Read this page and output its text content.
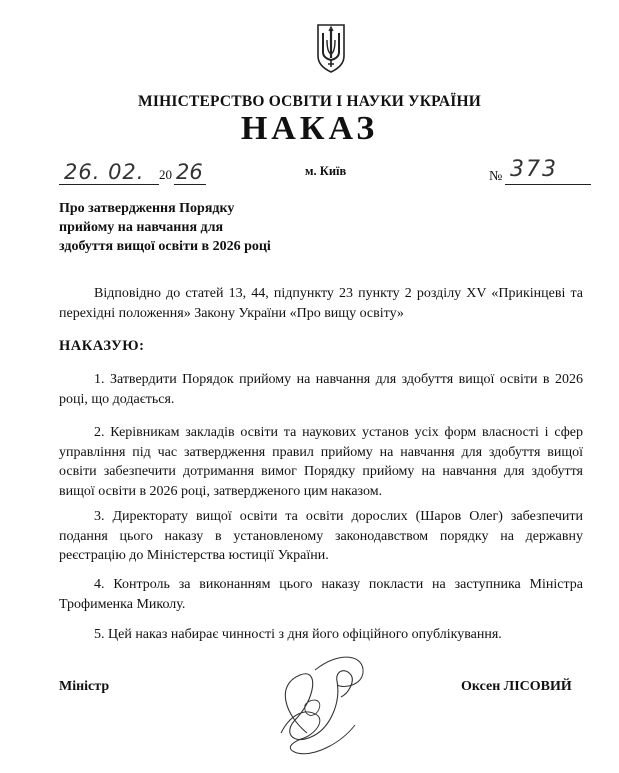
МІНІСТЕРСТВО ОСВІТИ І НАУКИ УКРАЇНИ
НАКАЗ
26. 02. 20 26	м. Київ	№ 373
Про затвердження Порядку
прийому на навчання для
здобуття вищої освіти в 2026 році
Відповідно до статей 13, 44, підпункту 23 пункту 2 розділу XV «Прикінцеві та перехідні положення» Закону України «Про вищу освіту»
НАКАЗУЮ:
1. Затвердити Порядок прийому на навчання для здобуття вищої освіти в 2026 році, що додається.
2. Керівникам закладів освіти та наукових установ усіх форм власності і сфер управління під час затвердження правил прийому на навчання для здобуття вищої освіти забезпечити дотримання вимог Порядку прийому на навчання для здобуття вищої освіти в 2026 році, затвердженого цим наказом.
3. Директорату вищої освіти та освіти дорослих (Шаров Олег) забезпечити подання цього наказу в установленому законодавством порядку на державну реєстрацію до Міністерства юстиції України.
4. Контроль за виконанням цього наказу покласти на заступника Міністра Трофименка Миколу.
5. Цей наказ набирає чинності з дня його офіційного опублікування.
Міністр	Оксен ЛІСОВИЙ
